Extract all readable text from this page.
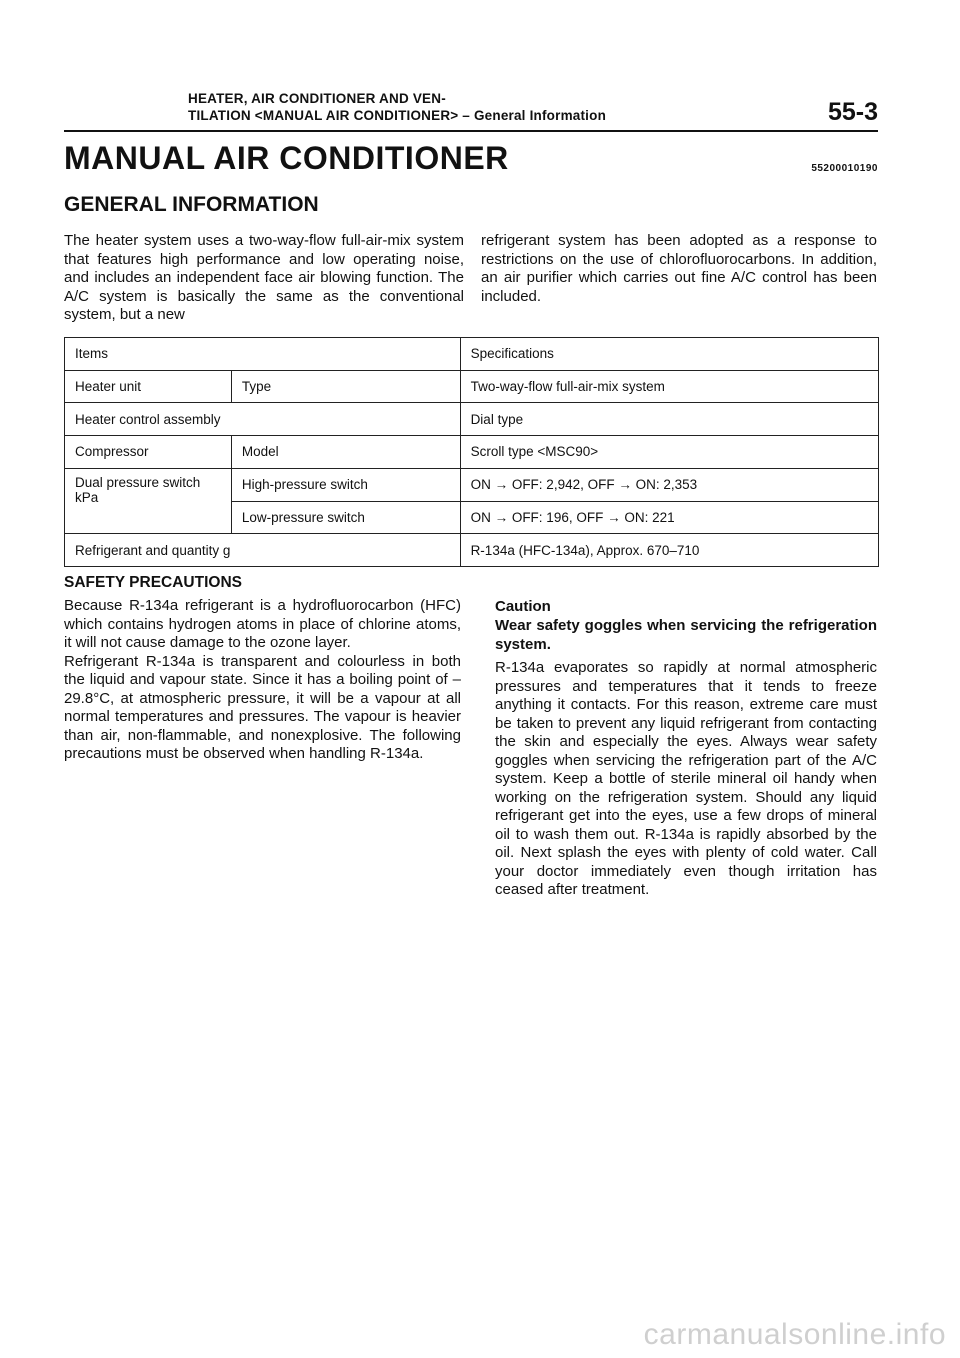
HEATER, AIR CONDITIONER AND VEN-
TILATION <MANUAL AIR CONDITIONER> – General Information	55-3
MANUAL AIR CONDITIONER	55200010190
GENERAL INFORMATION
The heater system uses a two-way-flow full-air-mix system that features high performance and low operating noise, and includes an independent face air blowing function. The A/C system is basically the same as the conventional system, but a new
refrigerant system has been adopted as a response to restrictions on the use of chlorofluorocarbons. In addition, an air purifier which carries out fine A/C control has been included.
Items		Specifications
Heater unit	Type	Two-way-flow full-air-mix system
Heater control assembly		Dial type
Compressor	Model	Scroll type <MSC90>
Dual pressure switch kPa	High-pressure switch	ON → OFF: 2,942, OFF → ON: 2,353
	Low-pressure switch	ON → OFF: 196, OFF → ON: 221
Refrigerant and quantity g		R-134a (HFC-134a), Approx. 670–710
SAFETY PRECAUTIONS
Because R-134a refrigerant is a hydrofluorocarbon (HFC) which contains hydrogen atoms in place of chlorine atoms, it will not cause damage to the ozone layer.
Refrigerant R-134a is transparent and colourless in both the liquid and vapour state. Since it has a boiling point of –29.8°C, at atmospheric pressure, it will be a vapour at all normal temperatures and pressures. The vapour is heavier than air, non-flammable, and nonexplosive. The following precautions must be observed when handling R-134a.
Caution
Wear safety goggles when servicing the refrigeration system.
R-134a evaporates so rapidly at normal atmospheric pressures and temperatures that it tends to freeze anything it contacts. For this reason, extreme care must be taken to prevent any liquid refrigerant from contacting the skin and especially the eyes. Always wear safety goggles when servicing the refrigeration part of the A/C system. Keep a bottle of sterile mineral oil handy when working on the refrigeration system. Should any liquid refrigerant get into the eyes, use a few drops of mineral oil to wash them out. R-134a is rapidly absorbed by the oil. Next splash the eyes with plenty of cold water. Call your doctor immediately even though irritation has ceased after treatment.
carmanualsonline.info
